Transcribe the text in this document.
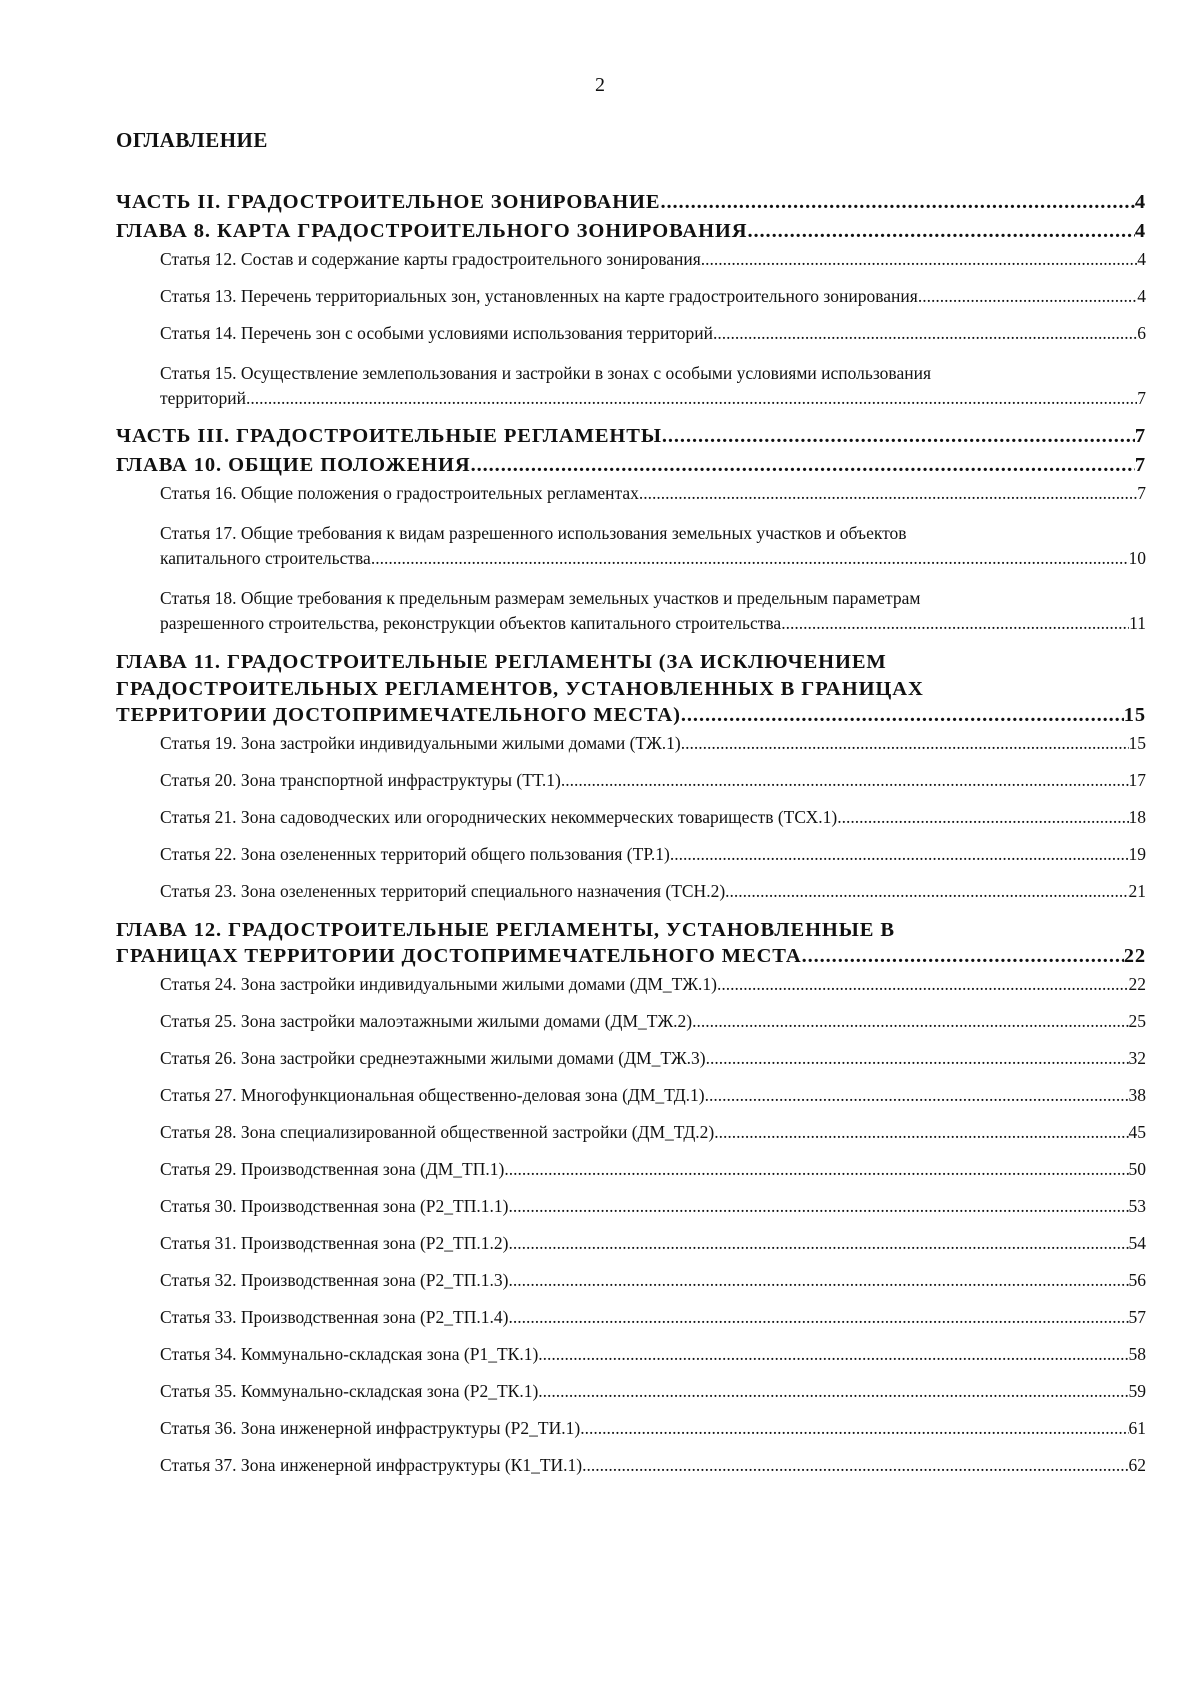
2
ОГЛАВЛЕНИЕ
ЧАСТЬ II. ГРАДОСТРОИТЕЛЬНОЕ ЗОНИРОВАНИЕ .....	4
ГЛАВА 8. КАРТА ГРАДОСТРОИТЕЛЬНОГО ЗОНИРОВАНИЯ .....	4
Статья 12. Состав и содержание карты градостроительного зонирования .....	4
Статья 13. Перечень территориальных зон, установленных на карте градостроительного зонирования .....	4
Статья 14. Перечень зон с особыми условиями использования территорий .....	6
Статья 15. Осуществление землепользования и застройки в зонах с особыми условиями использования
территорий .....	7
ЧАСТЬ III. ГРАДОСТРОИТЕЛЬНЫЕ РЕГЛАМЕНТЫ .....	7
ГЛАВА 10. ОБЩИЕ ПОЛОЖЕНИЯ .....	7
Статья 16. Общие положения о градостроительных регламентах .....	7
Статья 17. Общие требования к видам разрешенного использования земельных участков и объектов
капитального строительства .....	10
Статья 18. Общие требования к предельным размерам земельных участков и предельным параметрам
разрешенного строительства, реконструкции объектов капитального строительства .....	11
ГЛАВА 11. ГРАДОСТРОИТЕЛЬНЫЕ РЕГЛАМЕНТЫ (ЗА ИСКЛЮЧЕНИЕМ
ГРАДОСТРОИТЕЛЬНЫХ РЕГЛАМЕНТОВ, УСТАНОВЛЕННЫХ В ГРАНИЦАХ
ТЕРРИТОРИИ ДОСТОПРИМЕЧАТЕЛЬНОГО МЕСТА) .....	15
Статья 19. Зона застройки индивидуальными жилыми домами (ТЖ.1) .....	15
Статья 20. Зона транспортной инфраструктуры (ТТ.1) .....	17
Статья 21. Зона садоводческих или огороднических некоммерческих товариществ (ТСХ.1) .....	18
Статья 22. Зона озелененных территорий общего пользования (ТР.1) .....	19
Статья 23. Зона озелененных территорий специального назначения (ТСН.2) .....	21
ГЛАВА 12. ГРАДОСТРОИТЕЛЬНЫЕ РЕГЛАМЕНТЫ, УСТАНОВЛЕННЫЕ В
ГРАНИЦАХ ТЕРРИТОРИИ ДОСТОПРИМЕЧАТЕЛЬНОГО МЕСТА .....	22
Статья 24. Зона застройки индивидуальными жилыми домами (ДМ_ТЖ.1) .....	22
Статья 25. Зона застройки малоэтажными жилыми домами (ДМ_ТЖ.2) .....	25
Статья 26. Зона застройки среднеэтажными жилыми домами (ДМ_ТЖ.3) .....	32
Статья 27. Многофункциональная общественно-деловая зона (ДМ_ТД.1) .....	38
Статья 28. Зона специализированной общественной застройки (ДМ_ТД.2) .....	45
Статья 29. Производственная зона (ДМ_ТП.1) .....	50
Статья 30. Производственная зона (Р2_ТП.1.1) .....	53
Статья 31. Производственная зона (Р2_ТП.1.2) .....	54
Статья 32. Производственная зона (Р2_ТП.1.3) .....	56
Статья 33. Производственная зона (Р2_ТП.1.4) .....	57
Статья 34. Коммунально-складская зона (Р1_ТК.1) .....	58
Статья 35. Коммунально-складская зона (Р2_ТК.1) .....	59
Статья 36. Зона инженерной инфраструктуры (Р2_ТИ.1) .....	61
Статья 37. Зона инженерной инфраструктуры (К1_ТИ.1) .....	62
